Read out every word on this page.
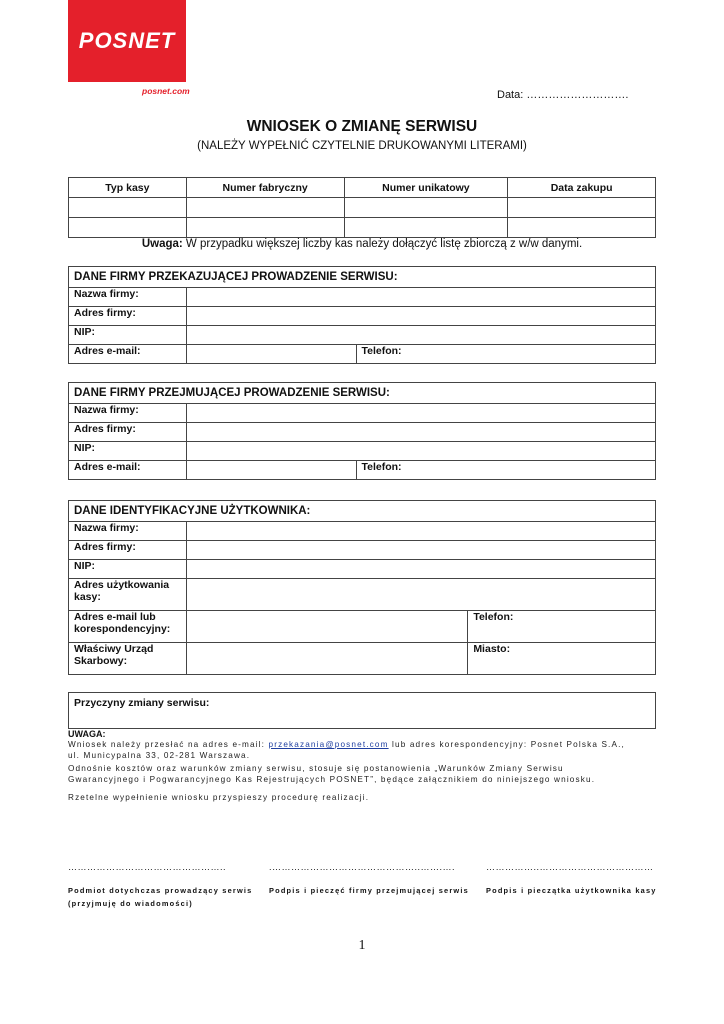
POSNET
posnet.com	Data: ……………………….
WNIOSEK O ZMIANĘ SERWISU
(NALEŻY WYPEŁNIĆ CZYTELNIE DRUKOWANYMI LITERAMI)
Typ kasy	Numer fabryczny	Numer unikatowy	Data zakupu

Uwaga: W przypadku większej liczby kas należy dołączyć listę zbiorczą z w/w danymi.
DANE FIRMY PRZEKAZUJĄCEJ PROWADZENIE SERWISU:		
Nazwa firmy:		
Adres firmy:		
NIP:		
Adres e-mail:		Telefon:
DANE FIRMY PRZEJMUJĄCEJ PROWADZENIE SERWISU:		
Nazwa firmy:		
Adres firmy:		
NIP:		
Adres e-mail:		Telefon:
DANE IDENTYFIKACYJNE UŻYTKOWNIKA:		
Nazwa firmy:		
Adres firmy:		
NIP:		

Adres użytkowania
kasy:		

Adres e-mail lub
korespondencyjny:		Telefon:

Właściwy Urząd
Skarbowy:		Miasto:
Przyczyny zmiany serwisu:
UWAGA:
Wniosek należy przesłać na adres e-mail: przekazania@posnet.com lub adres korespondencyjny: Posnet Polska S.A.,
ul. Municypalna 33, 02-281 Warszawa.
Odnośnie kosztów oraz warunków zmiany serwisu, stosuje się postanowienia „Warunków Zmiany Serwisu
Gwarancyjnego i Pogwarancyjnego Kas Rejestrujących POSNET”, będące załącznikiem do niniejszego wniosku.
Rzetelne wypełnienie wniosku przyspieszy procedurę realizacji.
…………………………………………..	.………………………………………..…….….	……………..………………………………
Podmiot dotychczas prowadzący serwis
(przyjmuję do wiadomości)
Podpis i pieczęć firmy przejmującej serwis Podpis i pieczątka użytkownika kasy
1
